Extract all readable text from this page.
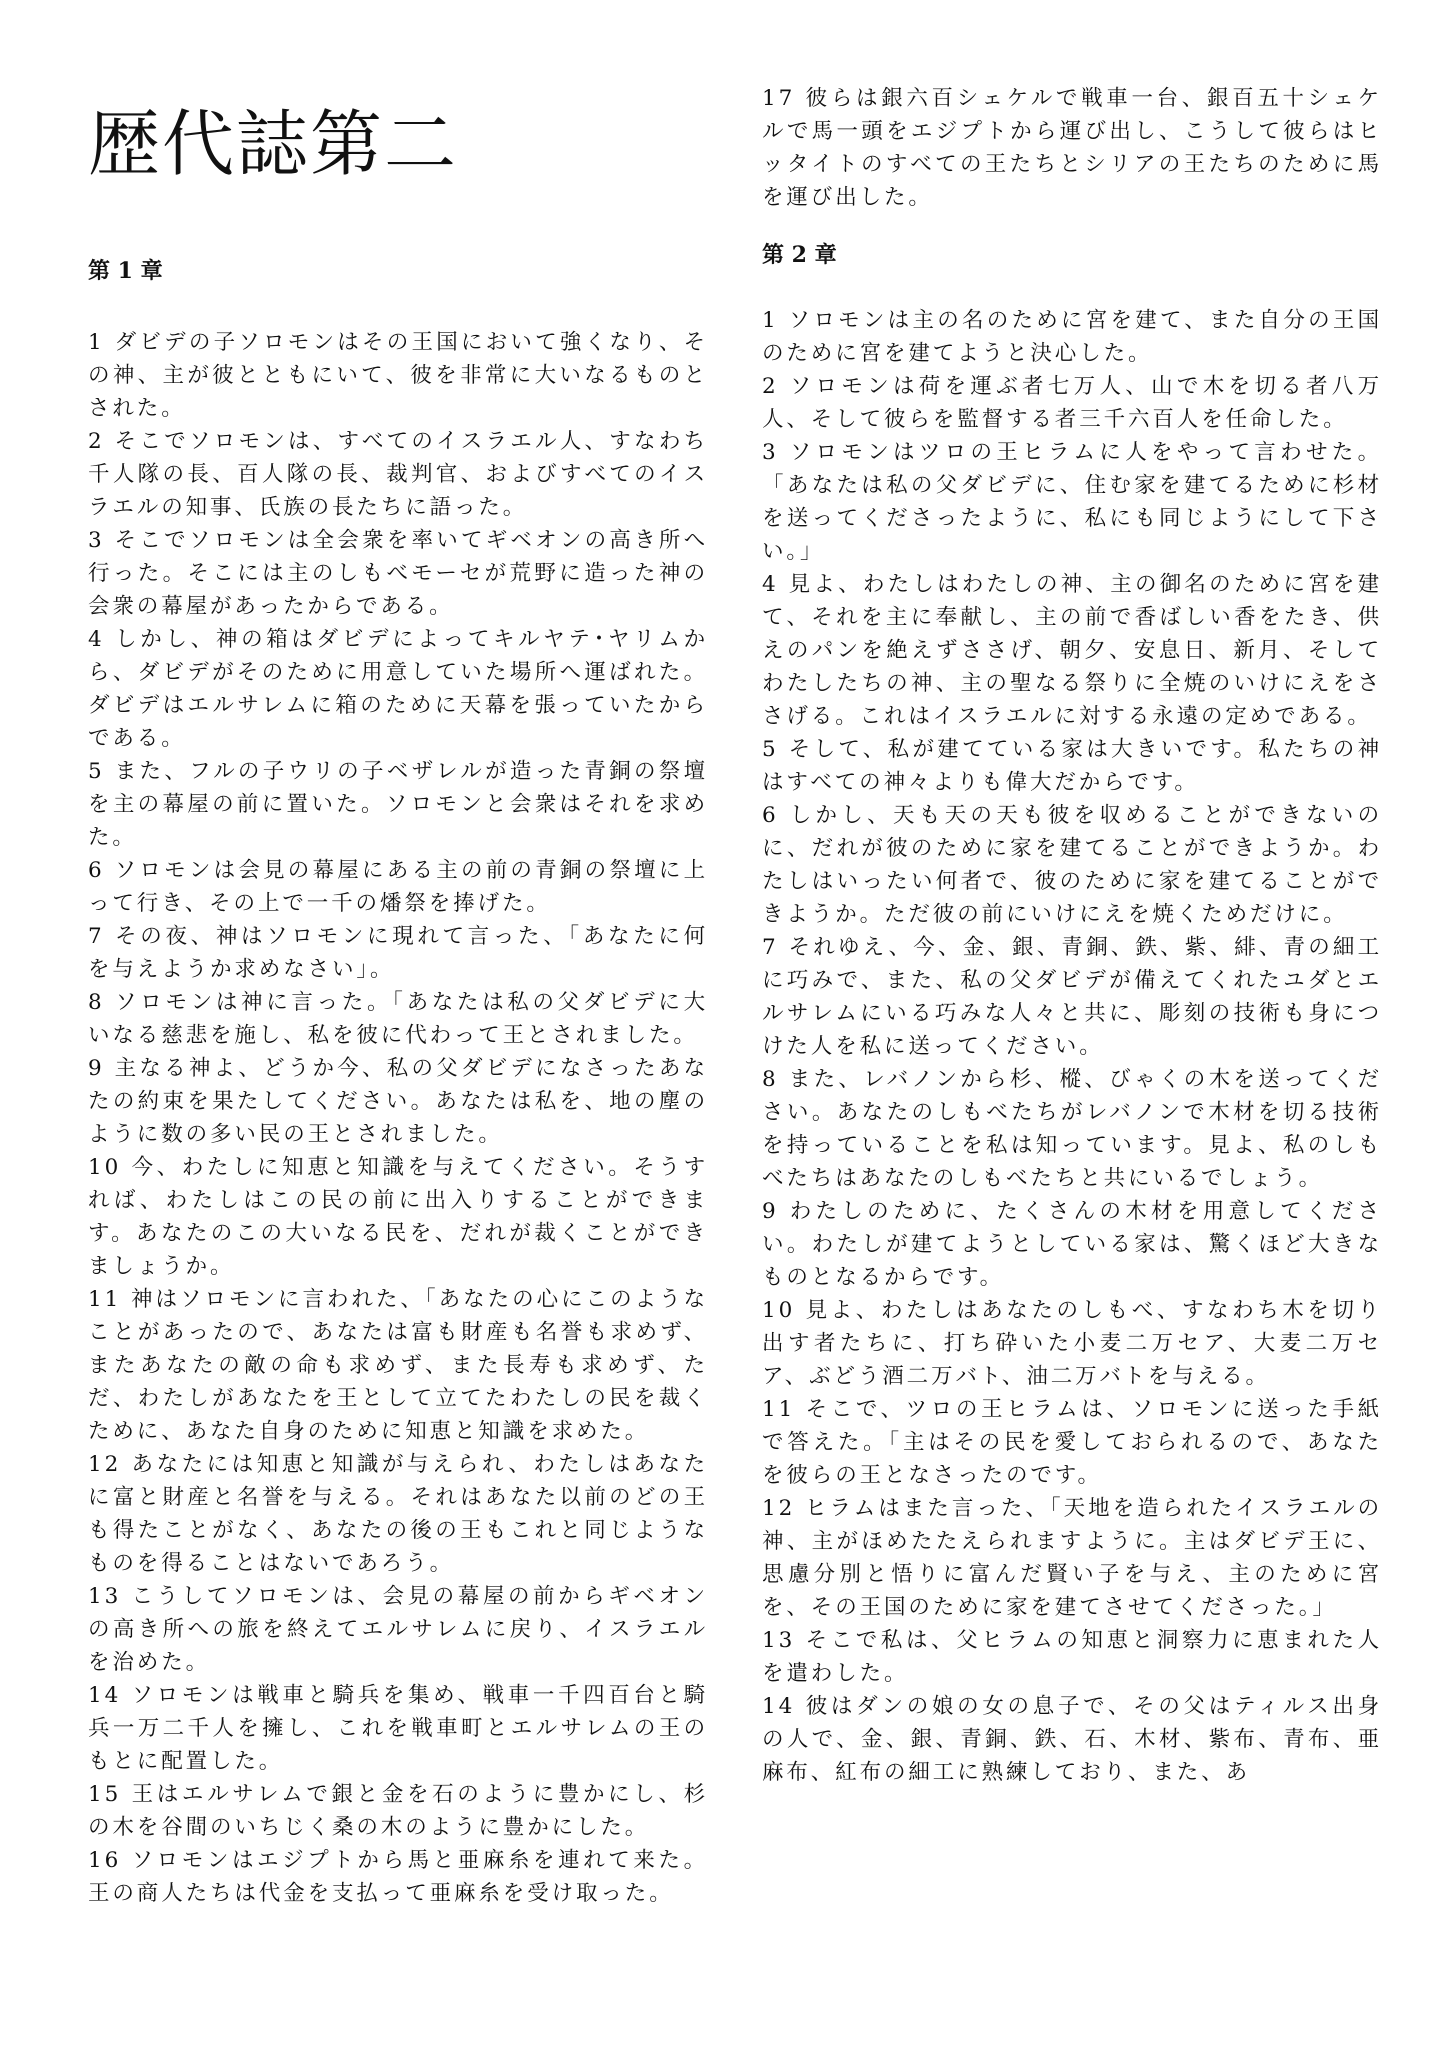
歴代誌第二
第 1 章

1 ダビデの子ソロモンはその王国において強くなり、その神、主が彼とともにいて、彼を非常に大いなるものとされた。

2 そこでソロモンは、すべてのイスラエル人、すなわち千人隊の長、百人隊の長、裁判官、およびすべてのイスラエルの知事、氏族の長たちに語った。

3 そこでソロモンは全会衆を率いてギベオンの高き所へ行った。そこには主のしもべモーセが荒野に造った神の会衆の幕屋があったからである。

4 しかし、神の箱はダビデによってキルヤテ･ヤリムから、ダビデがそのために用意していた場所へ運ばれた。ダビデはエルサレムに箱のために天幕を張っていたからである。

5 また、フルの子ウリの子ベザレルが造った青銅の祭壇を主の幕屋の前に置いた。ソロモンと会衆はそれを求めた。

6 ソロモンは会見の幕屋にある主の前の青銅の祭壇に上って行き、その上で一千の燔祭を捧げた。

7 その夜、神はソロモンに現れて言った、「あなたに何を与えようか求めなさい」。

8 ソロモンは神に言った。「あなたは私の父ダビデに大いなる慈悲を施し、私を彼に代わって王とされました。

9 主なる神よ、どうか今、私の父ダビデになさったあなたの約束を果たしてください。あなたは私を、地の塵のように数の多い民の王とされました。

10 今、わたしに知恵と知識を与えてください。そうすれば、わたしはこの民の前に出入りすることができます。あなたのこの大いなる民を、だれが裁くことができましょうか。

11 神はソロモンに言われた、「あなたの心にこのようなことがあったので、あなたは富も財産も名誉も求めず、またあなたの敵の命も求めず、また長寿も求めず、ただ、わたしがあなたを王として立てたわたしの民を裁くために、あなた自身のために知恵と知識を求めた。

12 あなたには知恵と知識が与えられ、わたしはあなたに富と財産と名誉を与える。それはあなた以前のどの王も得たことがなく、あなたの後の王もこれと同じようなものを得ることはないであろう。

13 こうしてソロモンは、会見の幕屋の前からギベオンの高き所への旅を終えてエルサレムに戻り、イスラエルを治めた。

14 ソロモンは戦車と騎兵を集め、戦車一千四百台と騎兵一万二千人を擁し、これを戦車町とエルサレムの王のもとに配置した。

15 王はエルサレムで銀と金を石のように豊かにし、杉の木を谷間のいちじく桑の木のように豊かにした。

16 ソロモンはエジプトから馬と亜麻糸を連れて来た。王の商人たちは代金を支払って亜麻糸を受け取った。

17 彼らは銀六百シェケルで戦車一台、銀百五十シェケルで馬一頭をエジプトから運び出し、こうして彼らはヒッタイトのすべての王たちとシリアの王たちのために馬を運び出した。

第 2 章

1 ソロモンは主の名のために宮を建て、また自分の王国のために宮を建てようと決心した。

2 ソロモンは荷を運ぶ者七万人、山で木を切る者八万人、そして彼らを監督する者三千六百人を任命した。

3 ソロモンはツロの王ヒラムに人をやって言わせた。「あなたは私の父ダビデに、住む家を建てるために杉材を送ってくださったように、私にも同じようにして下さい。」

4 見よ、わたしはわたしの神、主の御名のために宮を建て、それを主に奉献し、主の前で香ばしい香をたき、供えのパンを絶えずささげ、朝夕、安息日、新月、そしてわたしたちの神、主の聖なる祭りに全焼のいけにえをささげる。これはイスラエルに対する永遠の定めである。

5 そして、私が建てている家は大きいです。私たちの神はすべての神々よりも偉大だからです。

6 しかし、天も天の天も彼を収めることができないのに、だれが彼のために家を建てることができようか。わたしはいったい何者で、彼のために家を建てることができようか。ただ彼の前にいけにえを焼くためだけに。

7 それゆえ、今、金、銀、青銅、鉄、紫、緋、青の細工に巧みで、また、私の父ダビデが備えてくれたユダとエルサレムにいる巧みな人々と共に、彫刻の技術も身につけた人を私に送ってください。

8 また、レバノンから杉、樅、びゃくの木を送ってください。あなたのしもべたちがレバノンで木材を切る技術を持っていることを私は知っています。見よ、私のしもべたちはあなたのしもべたちと共にいるでしょう。

9 わたしのために、たくさんの木材を用意してください。わたしが建てようとしている家は、驚くほど大きなものとなるからです。

10 見よ、わたしはあなたのしもべ、すなわち木を切り出す者たちに、打ち砕いた小麦二万セア、大麦二万セア、ぶどう酒二万バト、油二万バトを与える。

11 そこで、ツロの王ヒラムは、ソロモンに送った手紙で答えた。「主はその民を愛しておられるので、あなたを彼らの王となさったのです。

12 ヒラムはまた言った、「天地を造られたイスラエルの神、主がほめたたえられますように。主はダビデ王に、思慮分別と悟りに富んだ賢い子を与え、主のために宮を、その王国のために家を建てさせてくださった。」

13 そこで私は、父ヒラムの知恵と洞察力に恵まれた人を遣わした。

14 彼はダンの娘の女の息子で、その父はティルス出身の人で、金、銀、青銅、鉄、石、木材、紫布、青布、亜麻布、紅布の細工に熟練しており、また、あ
